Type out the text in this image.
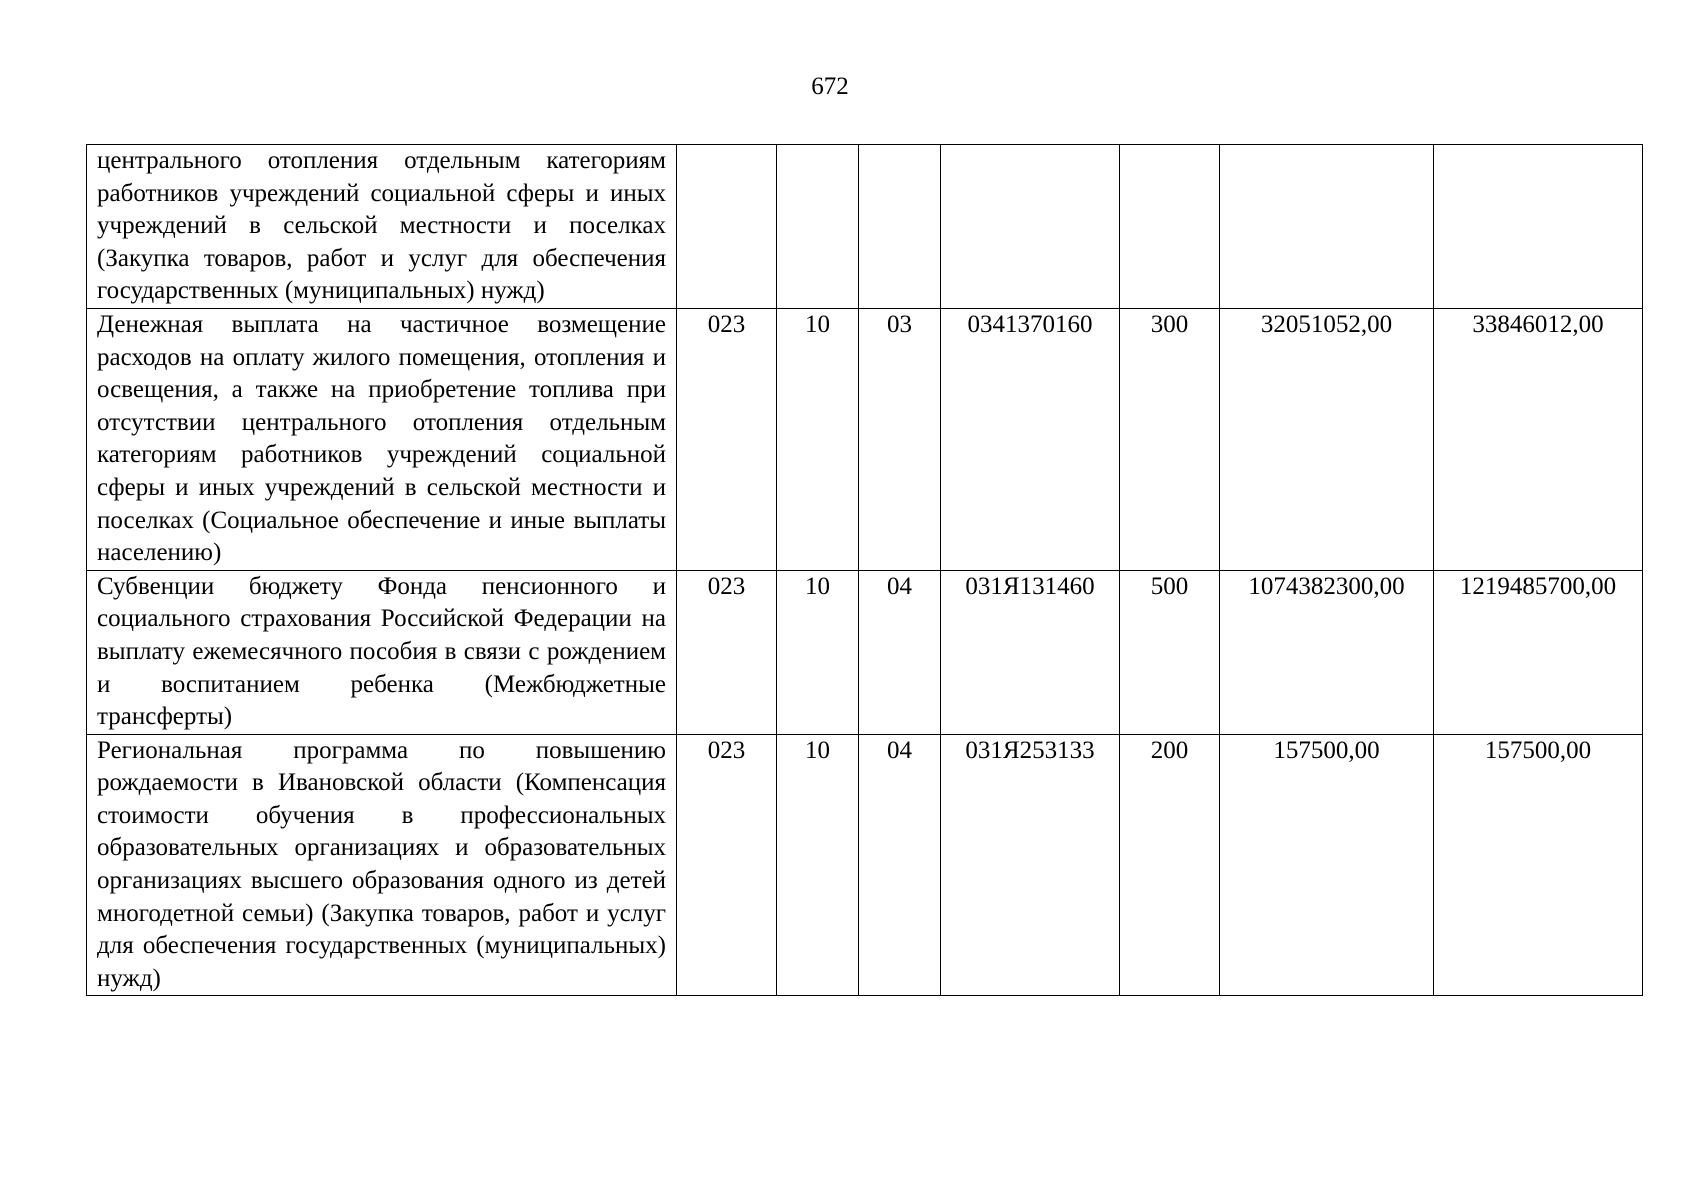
672
центрального отопления отдельным категориям работников учреждений социальной сферы и иных учреждений в сельской местности и поселках (Закупка товаров, работ и услуг для обеспечения государственных (муниципальных) нужд)							
Денежная выплата на частичное возмещение расходов на оплату жилого помещения, отопления и освещения, а также на приобретение топлива при отсутствии центрального отопления отдельным категориям работников учреждений социальной сферы и иных учреждений в сельской местности и поселках (Социальное обеспечение и иные выплаты населению)	023	10	03	0341370160	300	32051052,00	33846012,00
Субвенции бюджету Фонда пенсионного и социального страхования Российской Федерации на выплату ежемесячного пособия в связи с рождением и воспитанием ребенка (Межбюджетные трансферты)	023	10	04	031Я131460	500	1074382300,00	1219485700,00
Региональная программа по повышению рождаемости в Ивановской области (Компенсация стоимости обучения в профессиональных образовательных организациях и образовательных организациях высшего образования одного из детей многодетной семьи) (Закупка товаров, работ и услуг для обеспечения государственных (муниципальных) нужд)	023	10	04	031Я253133	200	157500,00	157500,00
